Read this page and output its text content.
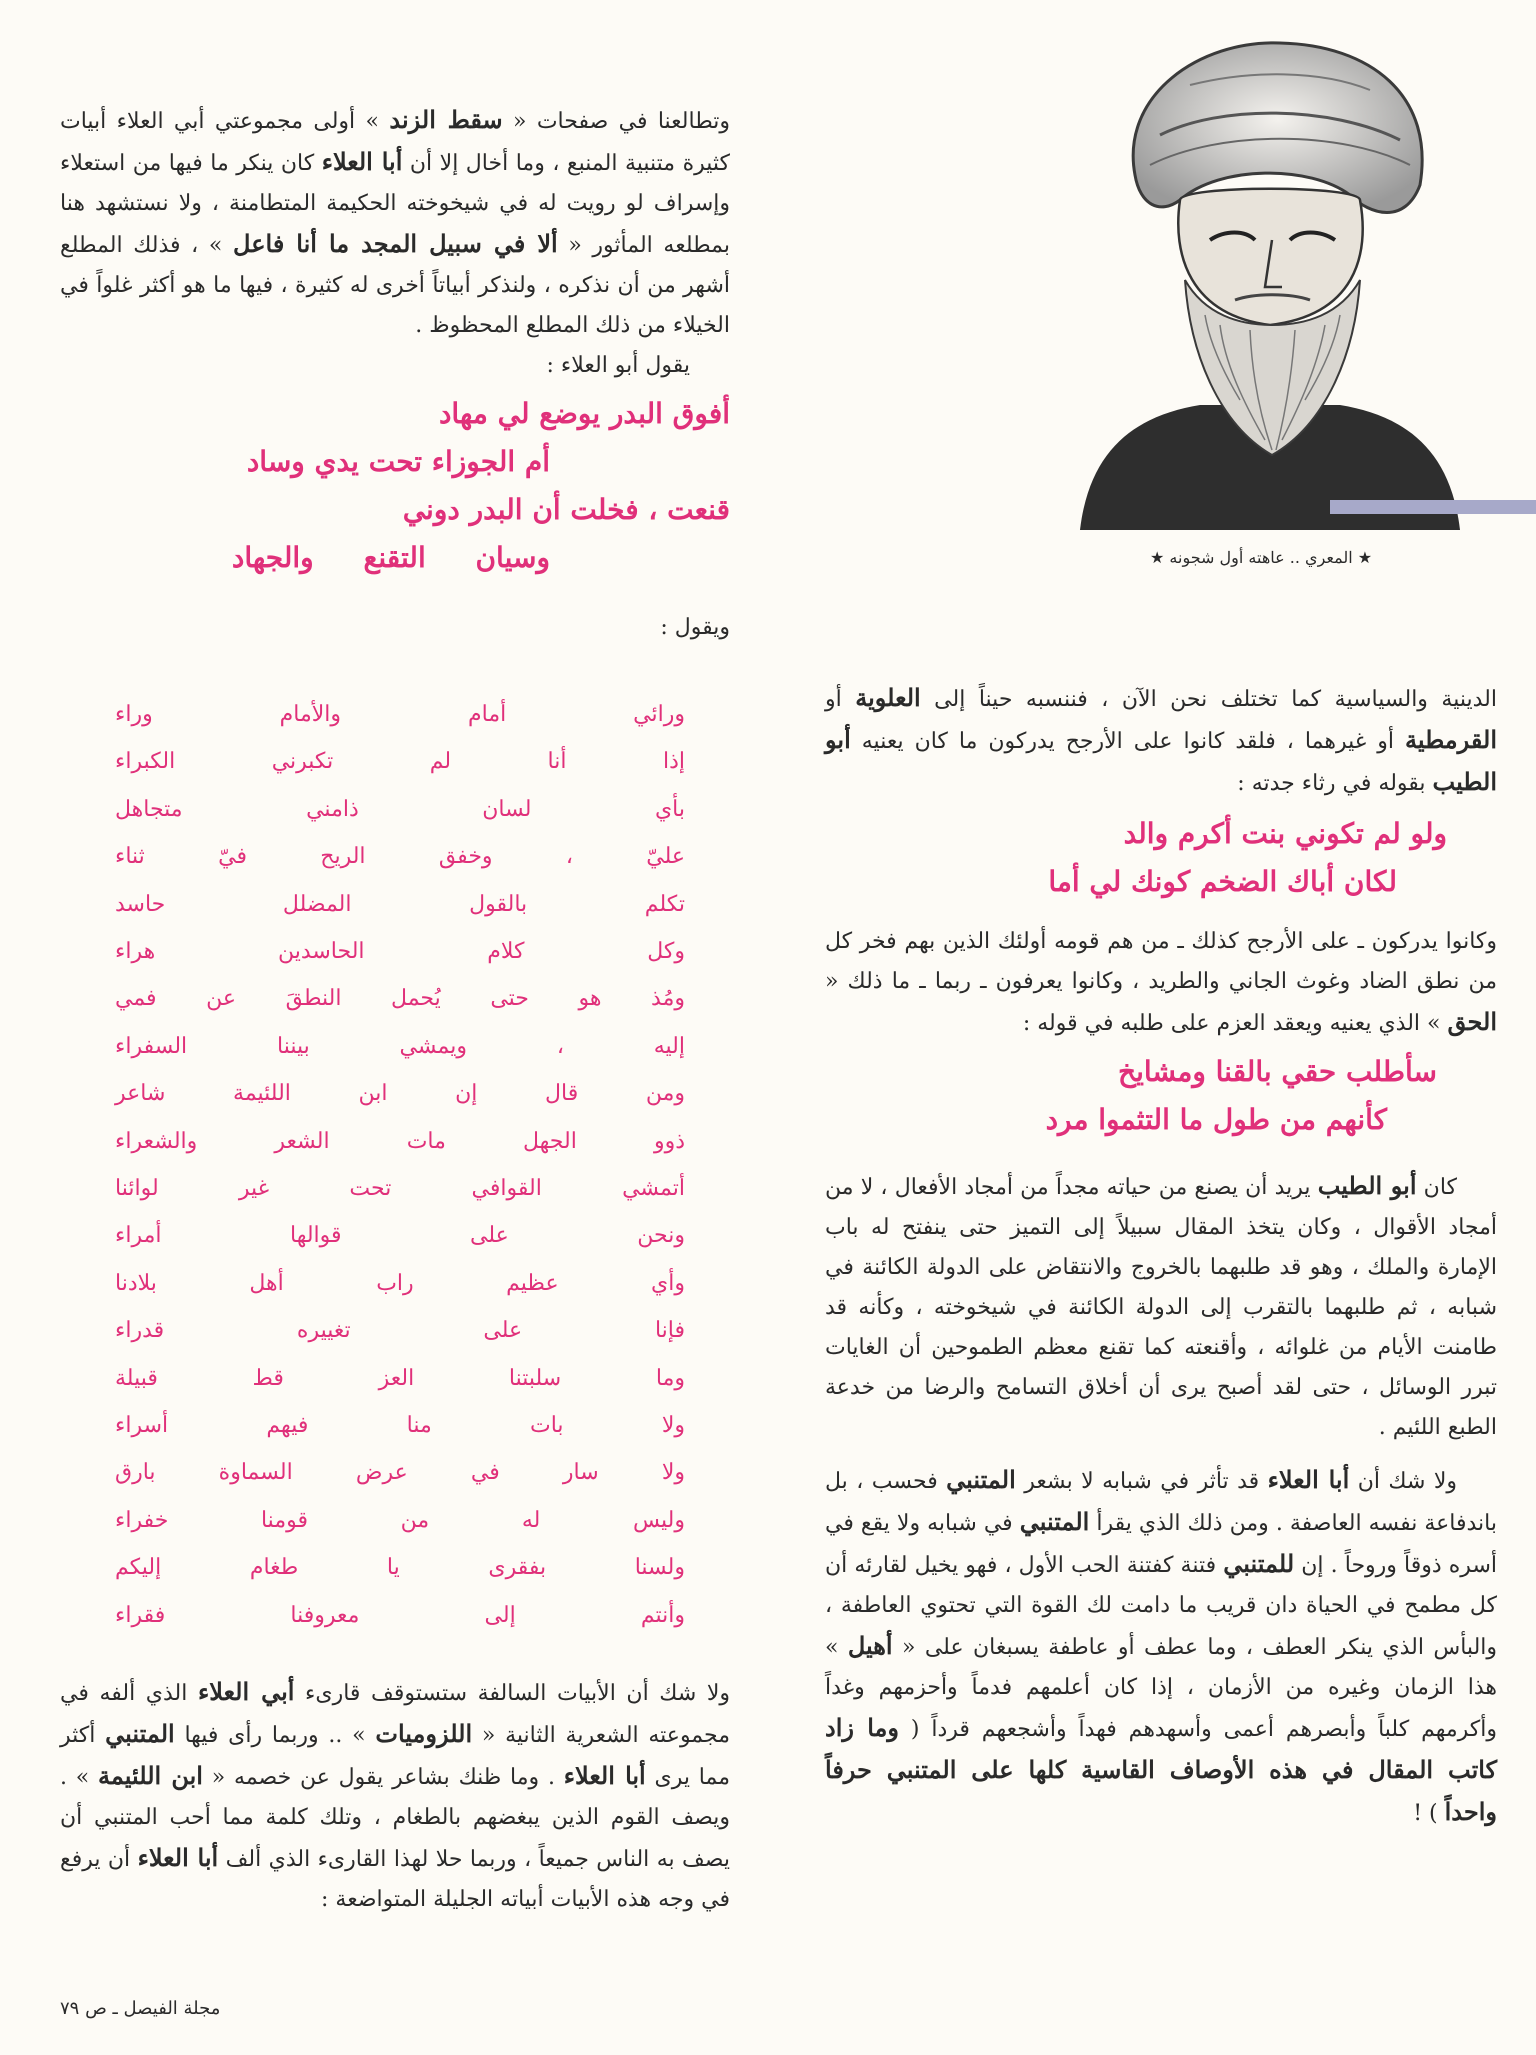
★ المعري .. عاهته أول شجونه ★

وتطالعنا في صفحات « سقط الزند » أولى مجموعتي أبي العلاء أبيات كثيرة متنبية المنبع ، وما أخال إلا أن أبا العلاء كان ينكر ما فيها من استعلاء وإسراف لو رويت له في شيخوخته الحكيمة المتطامنة ، ولا نستشهد هنا بمطلعه المأثور « ألا في سبيل المجد ما أنا فاعل » ، فذلك المطلع أشهر من أن نذكره ، ولنذكر أبياتاً أخرى له كثيرة ، فيها ما هو أكثر غلواً في الخيلاء من ذلك المطلع المحظوظ .

يقول أبو العلاء :
أفوق البدر يوضع لي مهاد
أم الجوزاء تحت يدي وساد
قنعت ، فخلت أن البدر دوني
وسيان التقنع والجهاد
ويقول :
ورائي أمام والأمام وراء
إذا أنا لم تكبرني الكبراء
بأي لسان ذامني متجاهل
عليّ ، وخفق الريح فيّ ثناء
تكلم بالقول المضلل حاسد
وكل كلام الحاسدين هراء
ومُذ هو حتى يُحمل النطقَ عن فمي
إليه ، ويمشي بيننا السفراء
ومن قال إن ابن اللئيمة شاعر
ذوو الجهل مات الشعر والشعراء
أتمشي القوافي تحت غير لوائنا
ونحن على قوالها أمراء
وأي عظيم راب أهل بلادنا
فإنا على تغييره قدراء
وما سلبتنا العز قط قبيلة
ولا بات منا فيهم أسراء
ولا سار في عرض السماوة بارق
وليس له من قومنا خفراء
ولسنا بفقرى يا طغام إليكم
وأنتم إلى معروفنا فقراء

ولا شك أن الأبيات السالفة ستستوقف قارىء أبي العلاء الذي ألفه في مجموعته الشعرية الثانية « اللزوميات » .. وربما رأى فيها المتنبي أكثر مما يرى أبا العلاء . وما ظنك بشاعر يقول عن خصمه « ابن اللئيمة » . ويصف القوم الذين يبغضهم بالطغام ، وتلك كلمة مما أحب المتنبي أن يصف به الناس جميعاً ، وربما حلا لهذا القارىء الذي ألف أبا العلاء أن يرفع في وجه هذه الأبيات أبياته الجليلة المتواضعة :

الدينية والسياسية كما تختلف نحن الآن ، فننسبه حيناً إلى العلوية أو القرمطية أو غيرهما ، فلقد كانوا على الأرجح يدركون ما كان يعنيه أبو الطيب بقوله في رثاء جدته :

ولو لم تكوني بنت أكرم والد
لكان أباك الضخم كونك لي أما

وكانوا يدركون ـ على الأرجح كذلك ـ من هم قومه أولئك الذين بهم فخر كل من نطق الضاد وغوث الجاني والطريد ، وكانوا يعرفون ـ ربما ـ ما ذلك « الحق » الذي يعنيه ويعقد العزم على طلبه في قوله :

سأطلب حقي بالقنا ومشايخ
كأنهم من طول ما التثموا مرد

كان أبو الطيب يريد أن يصنع من حياته مجداً من أمجاد الأفعال ، لا من أمجاد الأقوال ، وكان يتخذ المقال سبيلاً إلى التميز حتى ينفتح له باب الإمارة والملك ، وهو قد طلبهما بالخروج والانتقاض على الدولة الكائنة في شبابه ، ثم طلبهما بالتقرب إلى الدولة الكائنة في شيخوخته ، وكأنه قد طامنت الأيام من غلوائه ، وأقنعته كما تقنع معظم الطموحين أن الغايات تبرر الوسائل ، حتى لقد أصبح يرى أن أخلاق التسامح والرضا من خدعة الطبع اللئيم .

ولا شك أن أبا العلاء قد تأثر في شبابه لا بشعر المتنبي فحسب ، بل باندفاعة نفسه العاصفة . ومن ذلك الذي يقرأ المتنبي في شبابه ولا يقع في أسره ذوقاً وروحاً . إن للمتنبي فتنة كفتنة الحب الأول ، فهو يخيل لقارئه أن كل مطمح في الحياة دان قريب ما دامت لك القوة التي تحتوي العاطفة ، والبأس الذي ينكر العطف ، وما عطف أو عاطفة يسبغان على « أهيل » هذا الزمان وغيره من الأزمان ، إذا كان أعلمهم فدماً وأحزمهم وغداً وأكرمهم كلباً وأبصرهم أعمى وأسهدهم فهداً وأشجعهم قرداً ( وما زاد كاتب المقال في هذه الأوصاف القاسية كلها على المتنبي حرفاً واحداً ) !

مجلة الفيصل ـ ص ٧٩
